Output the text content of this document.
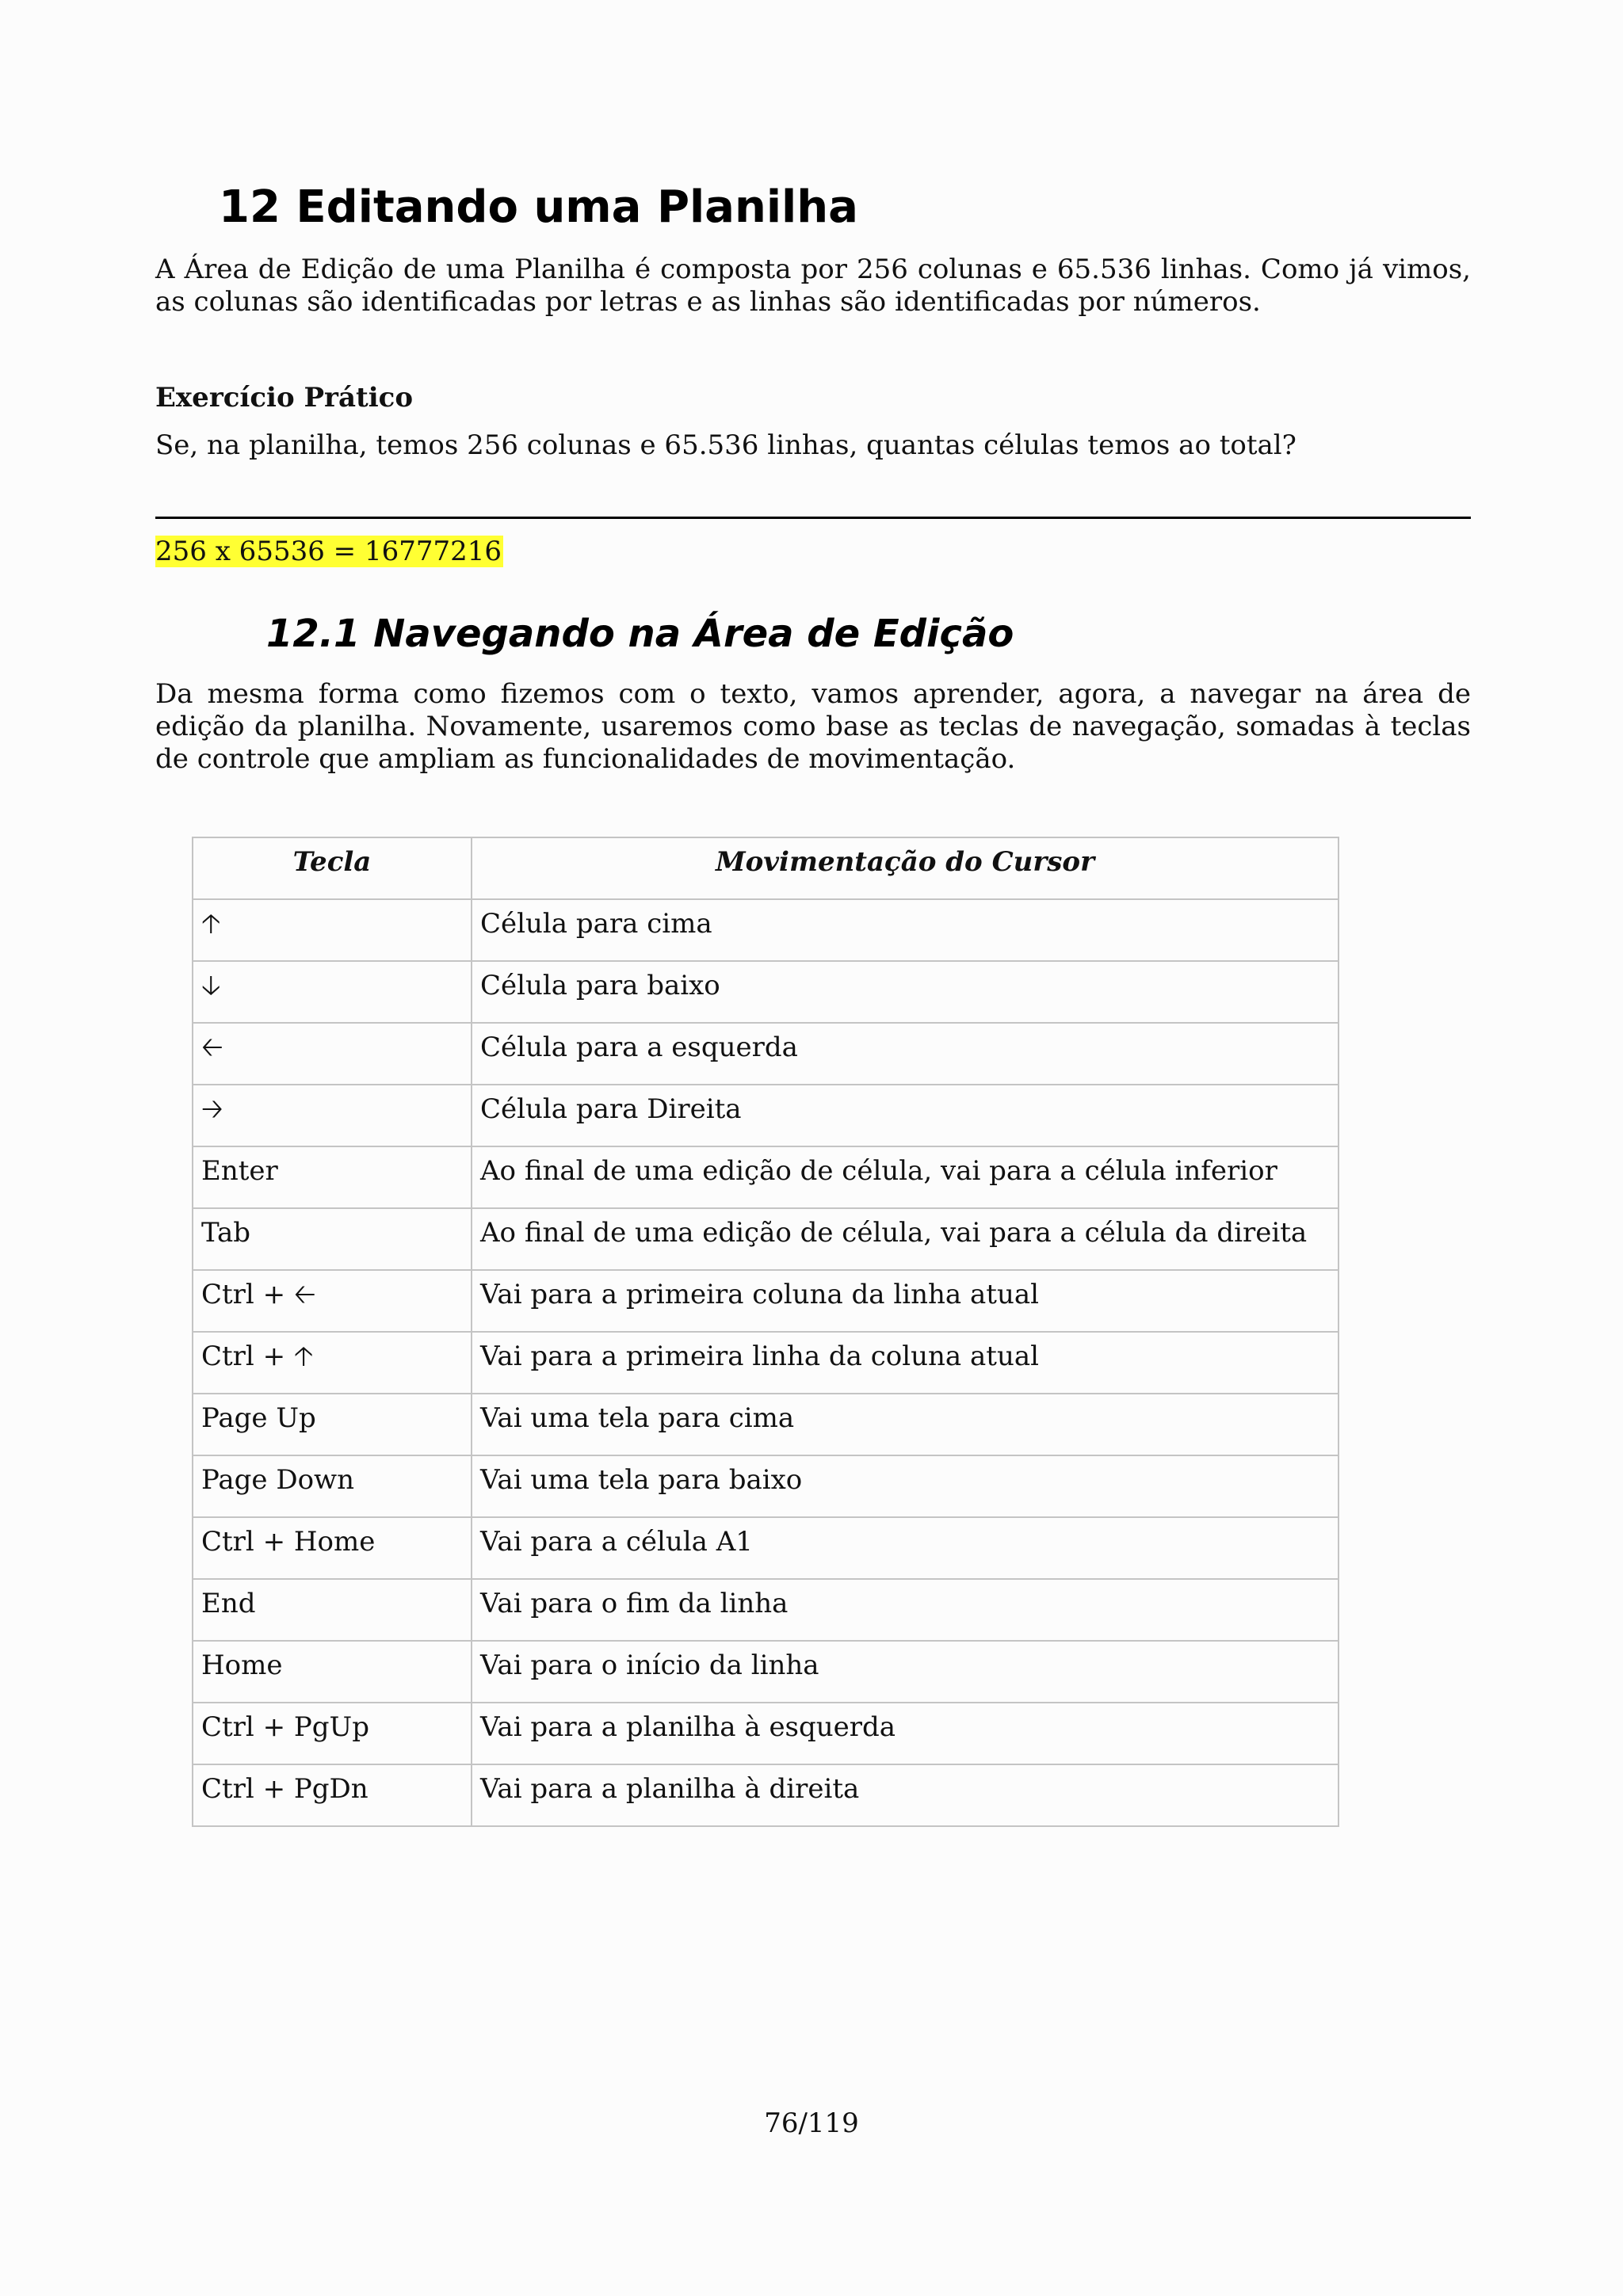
12 Editando uma Planilha

A Área de Edição de uma Planilha é composta por 256 colunas e 65.536 linhas. Como já vimos, as colunas são identificadas por letras e as linhas são identificadas por números.

Exercício Prático

Se, na planilha, temos 256 colunas e 65.536 linhas, quantas células temos ao total?

256 x 65536 = 16777216

12.1 Navegando na Área de Edição

Da mesma forma como fizemos com o texto, vamos aprender, agora, a navegar na área de edição da planilha. Novamente, usaremos como base as teclas de navegação, somadas à teclas de controle que ampliam as funcionalidades de movimentação.

Tecla	Movimentação do Cursor
🡡	Célula para cima
🡣	Célula para baixo
🡠	Célula para a esquerda
🡢	Célula para Direita
Enter	Ao final de uma edição de célula, vai para a célula inferior
Tab	Ao final de uma edição de célula, vai para a célula da direita
Ctrl + 🡠	Vai para a primeira coluna da linha atual
Ctrl + 🡡	Vai para a primeira linha da coluna atual
Page Up	Vai uma tela para cima
Page Down	Vai uma tela para baixo
Ctrl + Home	Vai para a célula A1
End	Vai para o fim da linha
Home	Vai para o início da linha
Ctrl + PgUp	Vai para a planilha à esquerda
Ctrl + PgDn	Vai para a planilha à direita

76/119
